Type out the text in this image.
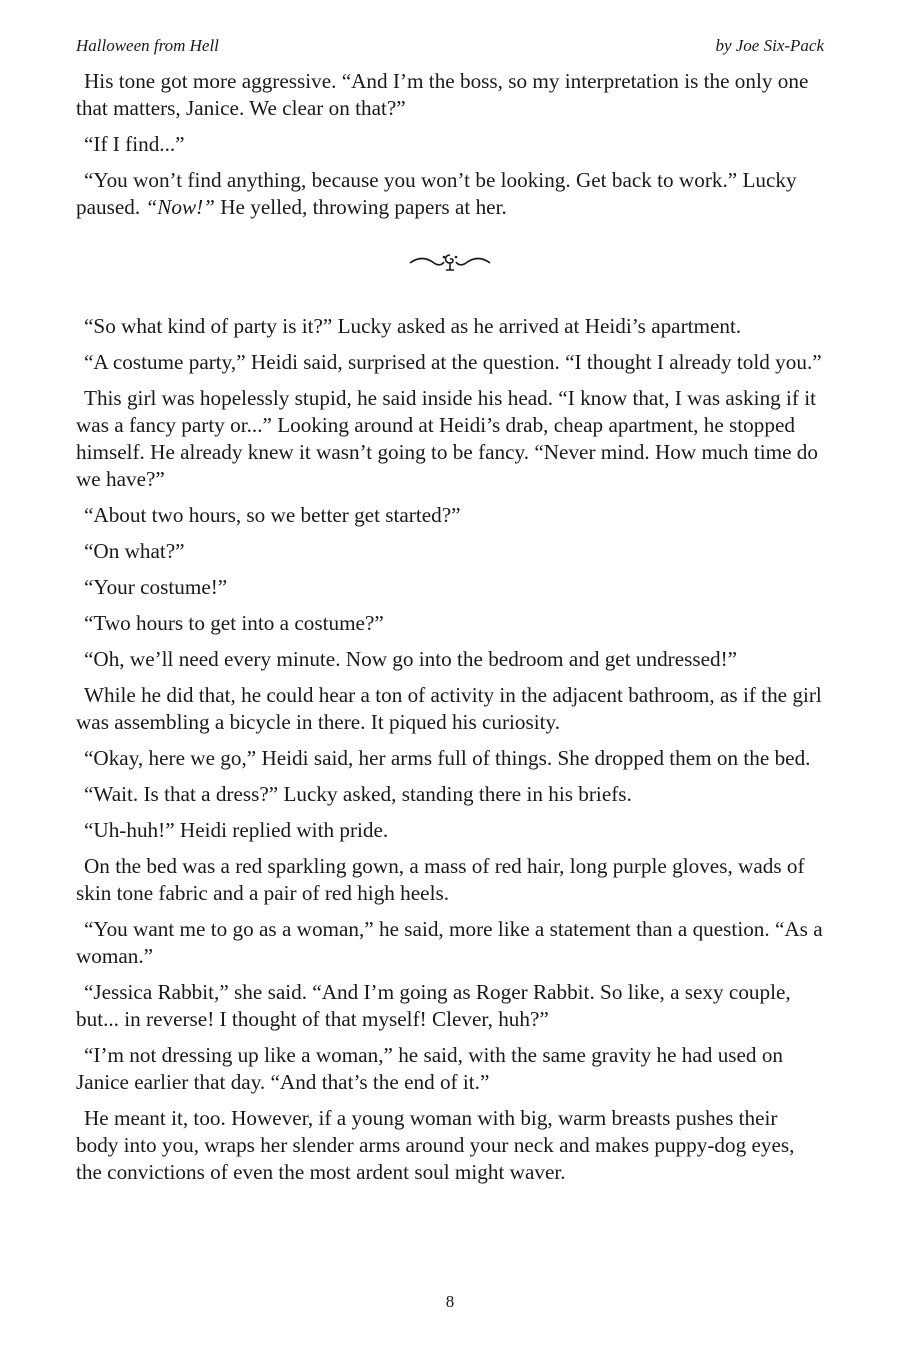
Halloween from Hell	by Joe Six-Pack

His tone got more aggressive. “And I’m the boss, so my interpretation is the only one that matters, Janice. We clear on that?”

“If I find...”

“You won’t find anything, because you won’t be looking. Get back to work.” Lucky paused. “Now!” He yelled, throwing papers at her.

“So what kind of party is it?” Lucky asked as he arrived at Heidi’s apartment.

“A costume party,” Heidi said, surprised at the question. “I thought I already told you.”

This girl was hopelessly stupid, he said inside his head. “I know that, I was asking if it was a fancy party or...” Looking around at Heidi’s drab, cheap apartment, he stopped himself. He already knew it wasn’t going to be fancy. “Never mind. How much time do we have?”

“About two hours, so we better get started?”

“On what?”

“Your costume!”

“Two hours to get into a costume?”

“Oh, we’ll need every minute. Now go into the bedroom and get undressed!”

While he did that, he could hear a ton of activity in the adjacent bathroom, as if the girl was assembling a bicycle in there. It piqued his curiosity.

“Okay, here we go,” Heidi said, her arms full of things. She dropped them on the bed.

“Wait. Is that a dress?” Lucky asked, standing there in his briefs.

“Uh-huh!” Heidi replied with pride.

On the bed was a red sparkling gown, a mass of red hair, long purple gloves, wads of skin tone fabric and a pair of red high heels.

“You want me to go as a woman,” he said, more like a statement than a question. “As a woman.”

“Jessica Rabbit,” she said. “And I’m going as Roger Rabbit. So like, a sexy couple, but... in reverse! I thought of that myself! Clever, huh?”

“I’m not dressing up like a woman,” he said, with the same gravity he had used on Janice earlier that day. “And that’s the end of it.”

He meant it, too. However, if a young woman with big, warm breasts pushes their body into you, wraps her slender arms around your neck and makes puppy-dog eyes, the convictions of even the most ardent soul might waver.

8
